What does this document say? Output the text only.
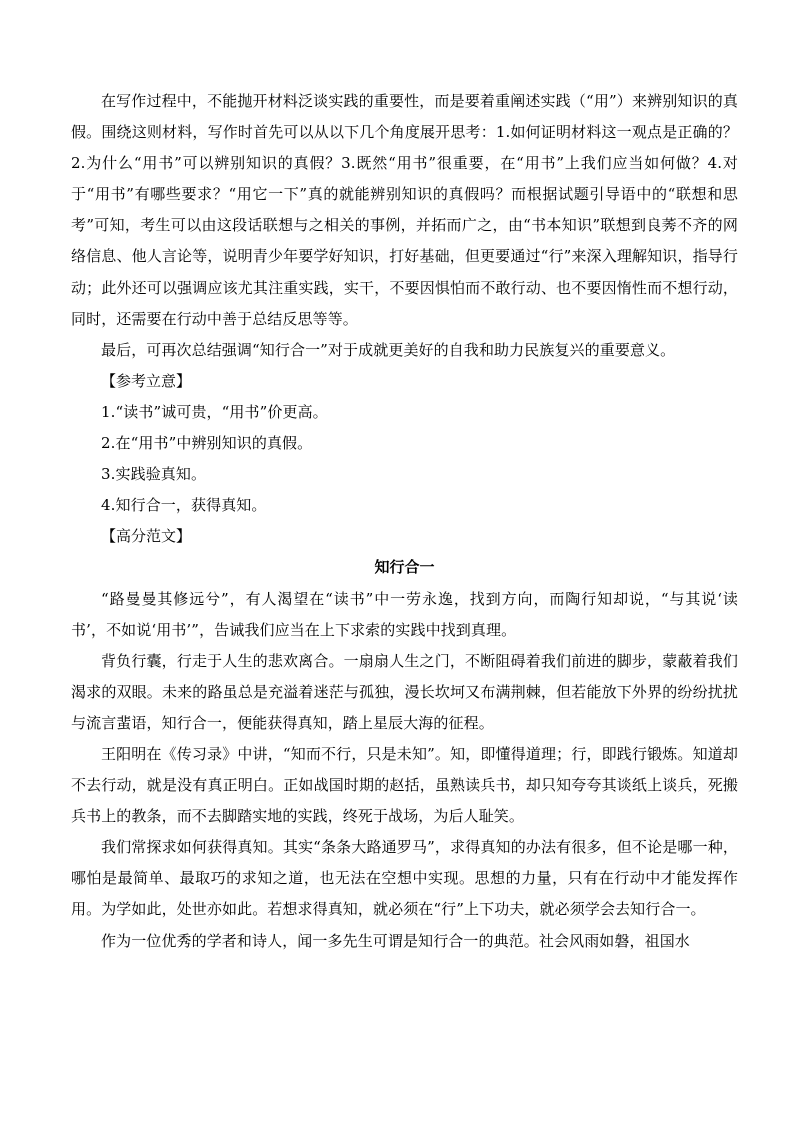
在写作过程中，不能抛开材料泛谈实践的重要性，而是要着重阐述实践（“用”）来辨别知识的真假。围绕这则材料，写作时首先可以从以下几个角度展开思考：1.如何证明材料这一观点是正确的？2.为什么“用书”可以辨别知识的真假？3.既然“用书”很重要，在“用书”上我们应当如何做？4.对于“用书”有哪些要求？“用它一下”真的就能辨别知识的真假吗？而根据试题引导语中的“联想和思考”可知，考生可以由这段话联想与之相关的事例，并拓而广之，由“书本知识”联想到良莠不齐的网络信息、他人言论等，说明青少年要学好知识，打好基础，但更要通过“行”来深入理解知识，指导行动；此外还可以强调应该尤其注重实践，实干，不要因惧怕而不敢行动、也不要因惰性而不想行动，同时，还需要在行动中善于总结反思等等。

最后，可再次总结强调“知行合一”对于成就更美好的自我和助力民族复兴的重要意义。

【参考立意】

1.“读书”诚可贵，“用书”价更高。

2.在“用书”中辨别知识的真假。

3.实践验真知。

4.知行合一，获得真知。

【高分范文】

知行合一

“路曼曼其修远兮”，有人渴望在“读书”中一劳永逸，找到方向，而陶行知却说，“与其说‘读书’，不如说‘用书’”，告诫我们应当在上下求索的实践中找到真理。

背负行囊，行走于人生的悲欢离合。一扇扇人生之门，不断阻碍着我们前进的脚步，蒙蔽着我们渴求的双眼。未来的路虽总是充溢着迷茫与孤独，漫长坎坷又布满荆棘，但若能放下外界的纷纷扰扰与流言蜚语，知行合一，便能获得真知，踏上星辰大海的征程。

王阳明在《传习录》中讲，“知而不行，只是未知”。知，即懂得道理；行，即践行锻炼。知道却不去行动，就是没有真正明白。正如战国时期的赵括，虽熟读兵书，却只知夸夸其谈纸上谈兵，死搬兵书上的教条，而不去脚踏实地的实践，终死于战场，为后人耻笑。

我们常探求如何获得真知。其实“条条大路通罗马”，求得真知的办法有很多，但不论是哪一种，哪怕是最简单、最取巧的求知之道，也无法在空想中实现。思想的力量，只有在行动中才能发挥作用。为学如此，处世亦如此。若想求得真知，就必须在“行”上下功夫，就必须学会去知行合一。

作为一位优秀的学者和诗人，闻一多先生可谓是知行合一的典范。社会风雨如磐，祖国水
